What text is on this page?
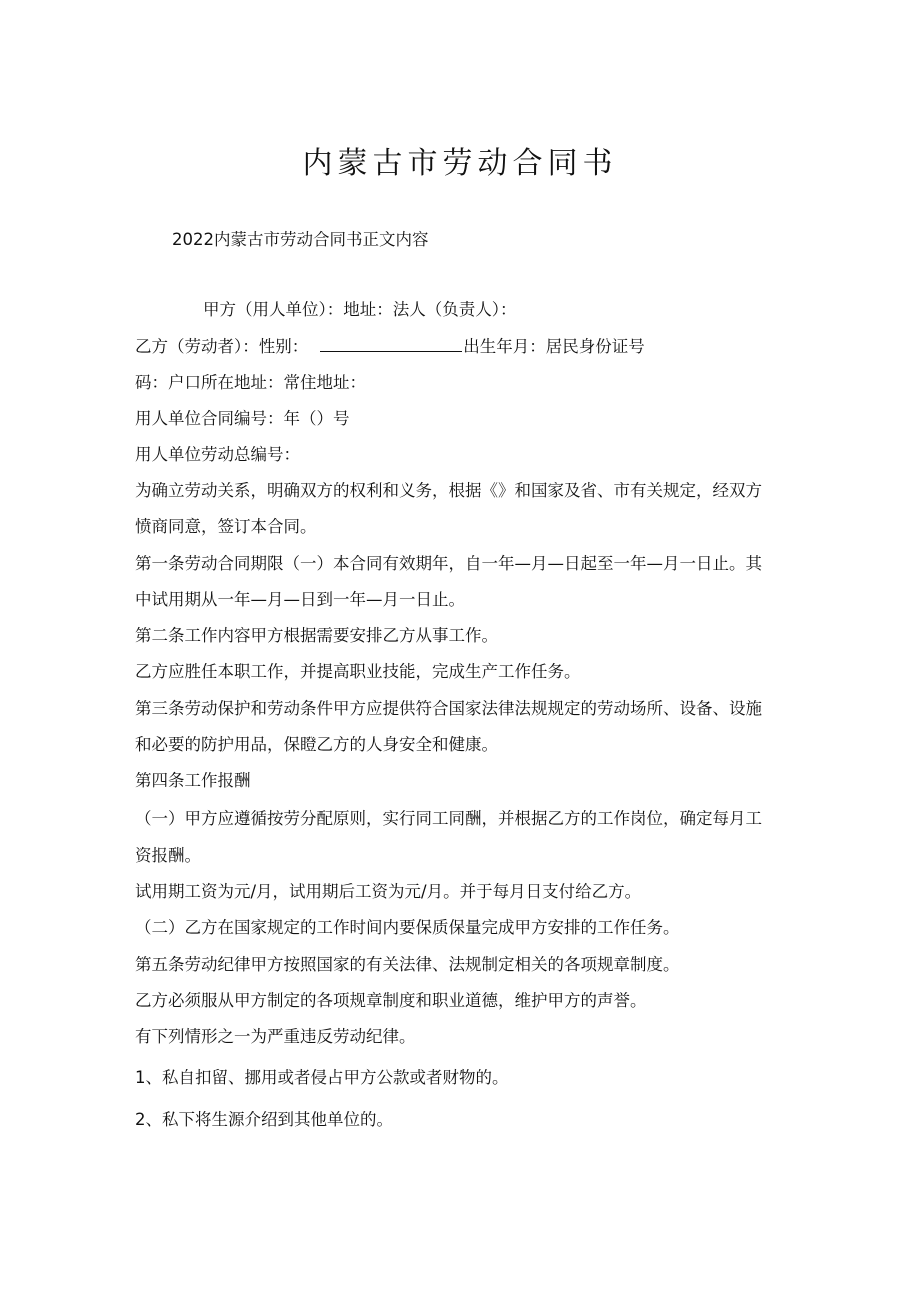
内蒙古市劳动合同书

2022内蒙古市劳动合同书正文内容

甲方（用人单位）：地址：法人（负责人）：

乙方（劳动者）：性别：	出生年月：居民身份证号

码：户口所在地址：常住地址：

用人单位合同编号：年（）号

用人单位劳动总编号：

为确立劳动关系，明确双方的权利和义务，根据《》和国家及省、市有关规定，经双方

愤商同意，签订本合同。

第一条劳动合同期限（一）本合同有效期年，自一年—月—日起至一年—月一日止。其

中试用期从一年—月—日到一年—月一日止。

第二条工作内容甲方根据需要安排乙方从事工作。

乙方应胜任本职工作，并提高职业技能，完成生产工作任务。

第三条劳动保护和劳动条件甲方应提供符合国家法律法规规定的劳动场所、设备、设施

和必要的防护用品，保瞪乙方的人身安全和健康。

第四条工作报酬

（一）甲方应遵循按劳分配原则，实行同工同酬，并根据乙方的工作岗位，确定每月工

资报酬。

试用期工资为元/月，试用期后工资为元/月。并于每月日支付给乙方。

（二）乙方在国家规定的工作时间内要保质保量完成甲方安排的工作任务。

第五条劳动纪律甲方按照国家的有关法律、法规制定相关的各项规章制度。

乙方必须服从甲方制定的各项规章制度和职业道德，维护甲方的声誉。

有下列情形之一为严重违反劳动纪律。

1、私自扣留、挪用或者侵占甲方公款或者财物的。

2、私下将生源介绍到其他单位的。
